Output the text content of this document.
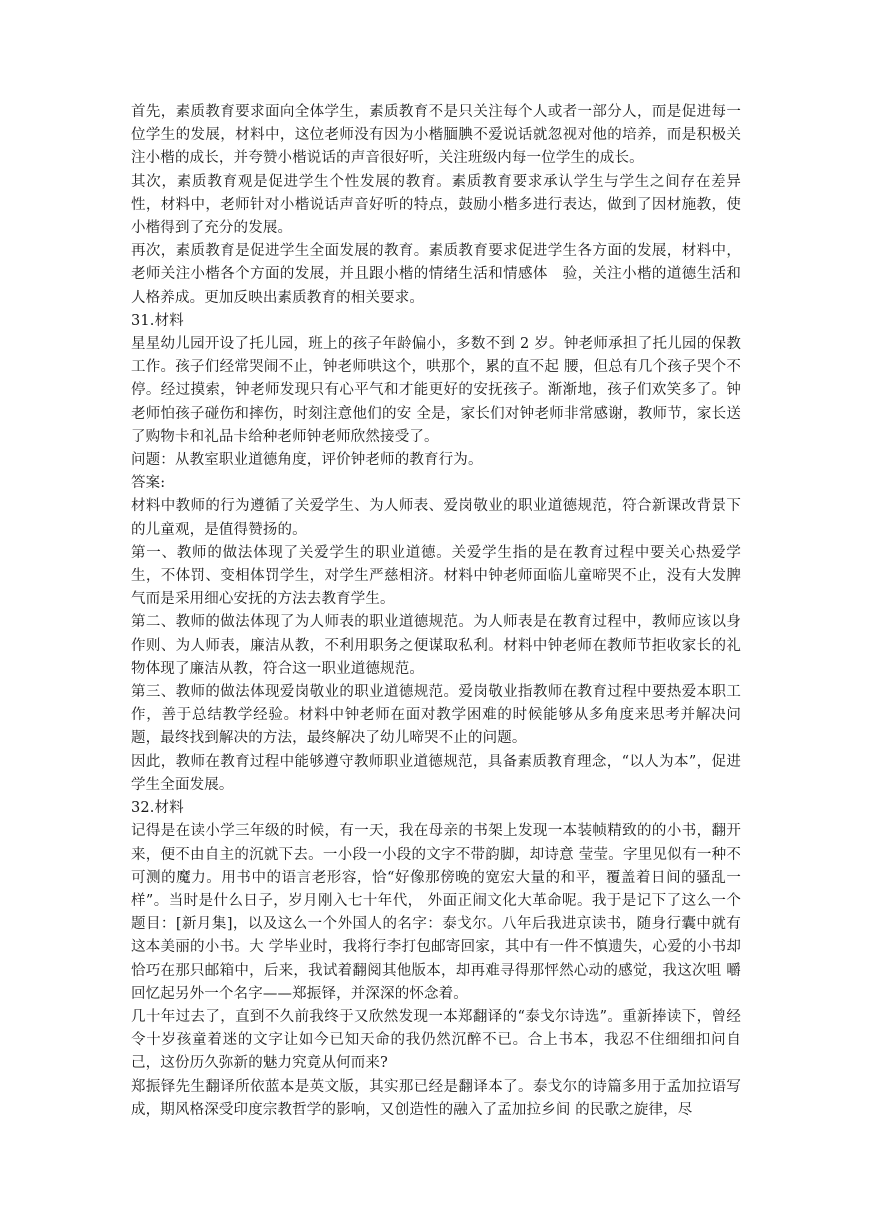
首先，素质教育要求面向全体学生，素质教育不是只关注每个人或者一部分人，而是促进每一位学生的发展，材料中，这位老师没有因为小楷腼腆不爱说话就忽视对他的培养，而是积极关注小楷的成长，并夸赞小楷说话的声音很好听，关注班级内每一位学生的成长。

其次，素质教育观是促进学生个性发展的教育。素质教育要求承认学生与学生之间存在差异性，材料中，老师针对小楷说话声音好听的特点，鼓励小楷多进行表达，做到了因材施教，使小楷得到了充分的发展。

再次，素质教育是促进学生全面发展的教育。素质教育要求促进学生各方面的发展，材料中，老师关注小楷各个方面的发展，并且跟小楷的情绪生活和情感体　验，关注小楷的道德生活和人格养成。更加反映出素质教育的相关要求。

31.材料

星星幼儿园开设了托儿园，班上的孩子年龄偏小，多数不到 2 岁。钟老师承担了托儿园的保教工作。孩子们经常哭闹不止，钟老师哄这个，哄那个，累的直不起 腰，但总有几个孩子哭个不停。经过摸索，钟老师发现只有心平气和才能更好的安抚孩子。渐渐地，孩子们欢笑多了。钟老师怕孩子碰伤和摔伤，时刻注意他们的安 全是，家长们对钟老师非常感谢，教师节，家长送了购物卡和礼品卡给种老师钟老师欣然接受了。

问题：从教室职业道德角度，评价钟老师的教育行为。

答案:

材料中教师的行为遵循了关爱学生、为人师表、爱岗敬业的职业道德规范，符合新课改背景下的儿童观，是值得赞扬的。

第一、教师的做法体现了关爱学生的职业道德。关爱学生指的是在教育过程中要关心热爱学生，不体罚、变相体罚学生，对学生严慈相济。材料中钟老师面临儿童啼哭不止，没有大发脾气而是采用细心安抚的方法去教育学生。

第二、教师的做法体现了为人师表的职业道德规范。为人师表是在教育过程中，教师应该以身作则、为人师表，廉洁从教，不利用职务之便谋取私利。材料中钟老师在教师节拒收家长的礼物体现了廉洁从教，符合这一职业道德规范。

第三、教师的做法体现爱岗敬业的职业道德规范。爱岗敬业指教师在教育过程中要热爱本职工作，善于总结教学经验。材料中钟老师在面对教学困难的时候能够从多角度来思考并解决问题，最终找到解决的方法，最终解决了幼儿啼哭不止的问题。

因此，教师在教育过程中能够遵守教师职业道德规范，具备素质教育理念，“以人为本”，促进学生全面发展。

32.材料

记得是在读小学三年级的时候，有一天，我在母亲的书架上发现一本装帧精致的的小书，翻开来，便不由自主的沉就下去。一小段一小段的文字不带韵脚，却诗意 莹莹。字里见似有一种不可测的魔力。用书中的语言老形容，恰“好像那傍晚的宽宏大量的和平，覆盖着日间的骚乱一样”。当时是什么日子，岁月刚入七十年代， 外面正闹文化大革命呢。我于是记下了这么一个题目：[新月集]，以及这么一个外国人的名字：泰戈尔。八年后我进京读书，随身行囊中就有这本美丽的小书。大 学毕业时，我将行李打包邮寄回家，其中有一件不慎遗失，心爱的小书却恰巧在那只邮箱中，后来，我试着翻阅其他版本，却再难寻得那怦然心动的感觉，我这次咀 嚼回忆起另外一个名字——郑振铎，并深深的怀念着。

几十年过去了，直到不久前我终于又欣然发现一本郑翻译的“泰戈尔诗选”。重新捧读下，曾经令十岁孩童着迷的文字让如今已知天命的我仍然沉醉不已。合上书本，我忍不住细细扣问自己，这份历久弥新的魅力究竟从何而来?

郑振铎先生翻译所依蓝本是英文版，其实那已经是翻译本了。泰戈尔的诗篇多用于孟加拉语写成，期风格深受印度宗教哲学的影响，又创造性的融入了孟加拉乡间 的民歌之旋律，尽
